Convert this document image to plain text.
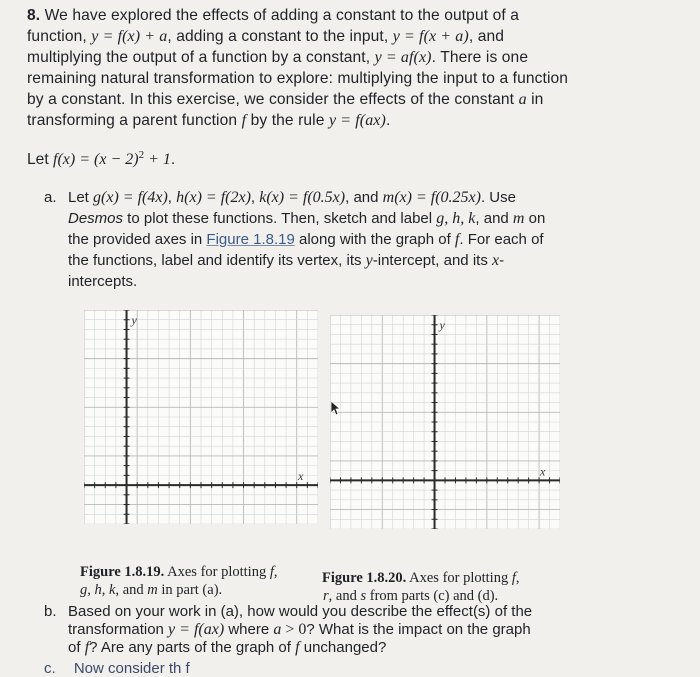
8. We have explored the effects of adding a constant to the output of a
function, y = f(x) + a, adding a constant to the input, y = f(x + a), and
multiplying the output of a function by a constant, y = af(x). There is one
remaining natural transformation to explore: multiplying the input to a function
by a constant. In this exercise, we consider the effects of the constant a in
transforming a parent function f by the rule y = f(ax).
Let $f(x) = (x - 2)^2 + 1$.
a. Let g(x) = f(4x), h(x) = f(2x), k(x) = f(0.5x), and m(x) = f(0.25x). Use
Desmos to plot these functions. Then, sketch and label g, h, k, and m on
the provided axes in Figure 1.8.19 along with the graph of f. For each of
the functions, label and identify its vertex, its y-intercept, and its x-
intercepts.
y
x
y
x
Figure 1.8.19. Axes for plotting f,
g, h, k, and m in part (a).
Figure 1.8.20. Axes for plotting f,
r, and s from parts (c) and (d).
b. Based on your work in (a), how would you describe the effect(s) of the
transformation y = f(ax) where a > 0? What is the impact on the graph
of f? Are any parts of the graph of f unchanged?
c. Now consider th f
